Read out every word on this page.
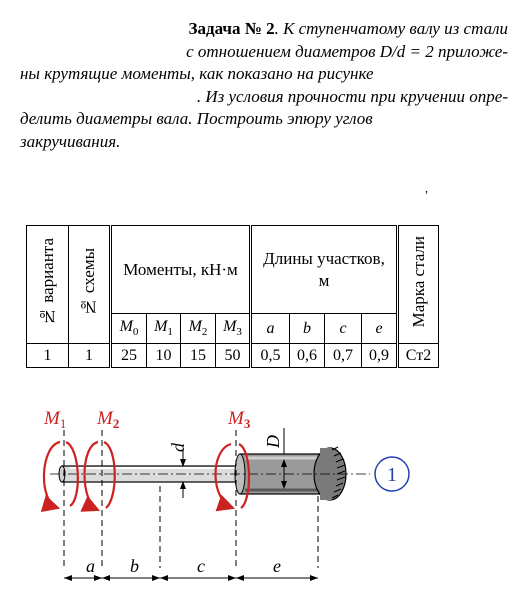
Задача № 2. К ступенчатому валу из стали
с отношением диаметров D/d = 2 приложе-
ны крутящие моменты, как показано на рисунке
. Из условия прочности при кручении опре-
делить диаметры вала. Построить эпюру углов
закручивания.
,
№ варианта	№ схемы	Моменты, кН·м				Длины участков, м				Марка стали
		$M_0$	$M_1$	$M_2$	$M_3$	a	b	c	e	
1	1	25	10	15	50	0,5	0,6	0,7	0,9	Ст2
$M_1$ $M_2$	$M_3$
d	D
1
a b	c	e
